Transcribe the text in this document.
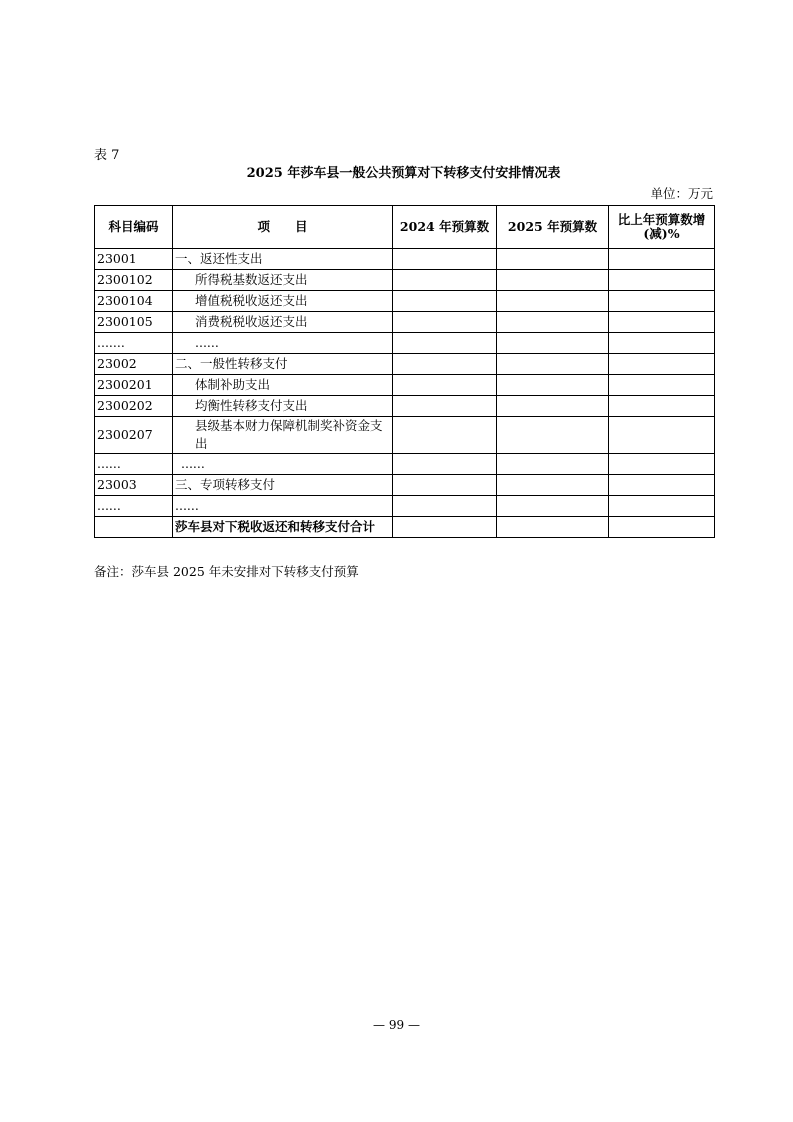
表 7
2025 年莎车县一般公共预算对下转移支付安排情况表
单位：万元
科目编码	项　　目	2024 年预算数	2025 年预算数	比上年预算数增(减)%
23001	一、返还性支出			
2300102	所得税基数返还支出			
2300104	增值税税收返还支出			
2300105	消费税税收返还支出			
.......	......			
23002	二、一般性转移支付			
2300201	体制补助支出			
2300202	均衡性转移支付支出			
2300207	县级基本财力保障机制奖补资金支出			
......	......			
23003	三、专项转移支付			
......	......			
	莎车县对下税收返还和转移支付合计			
备注：莎车县 2025 年未安排对下转移支付预算
— 99 —
